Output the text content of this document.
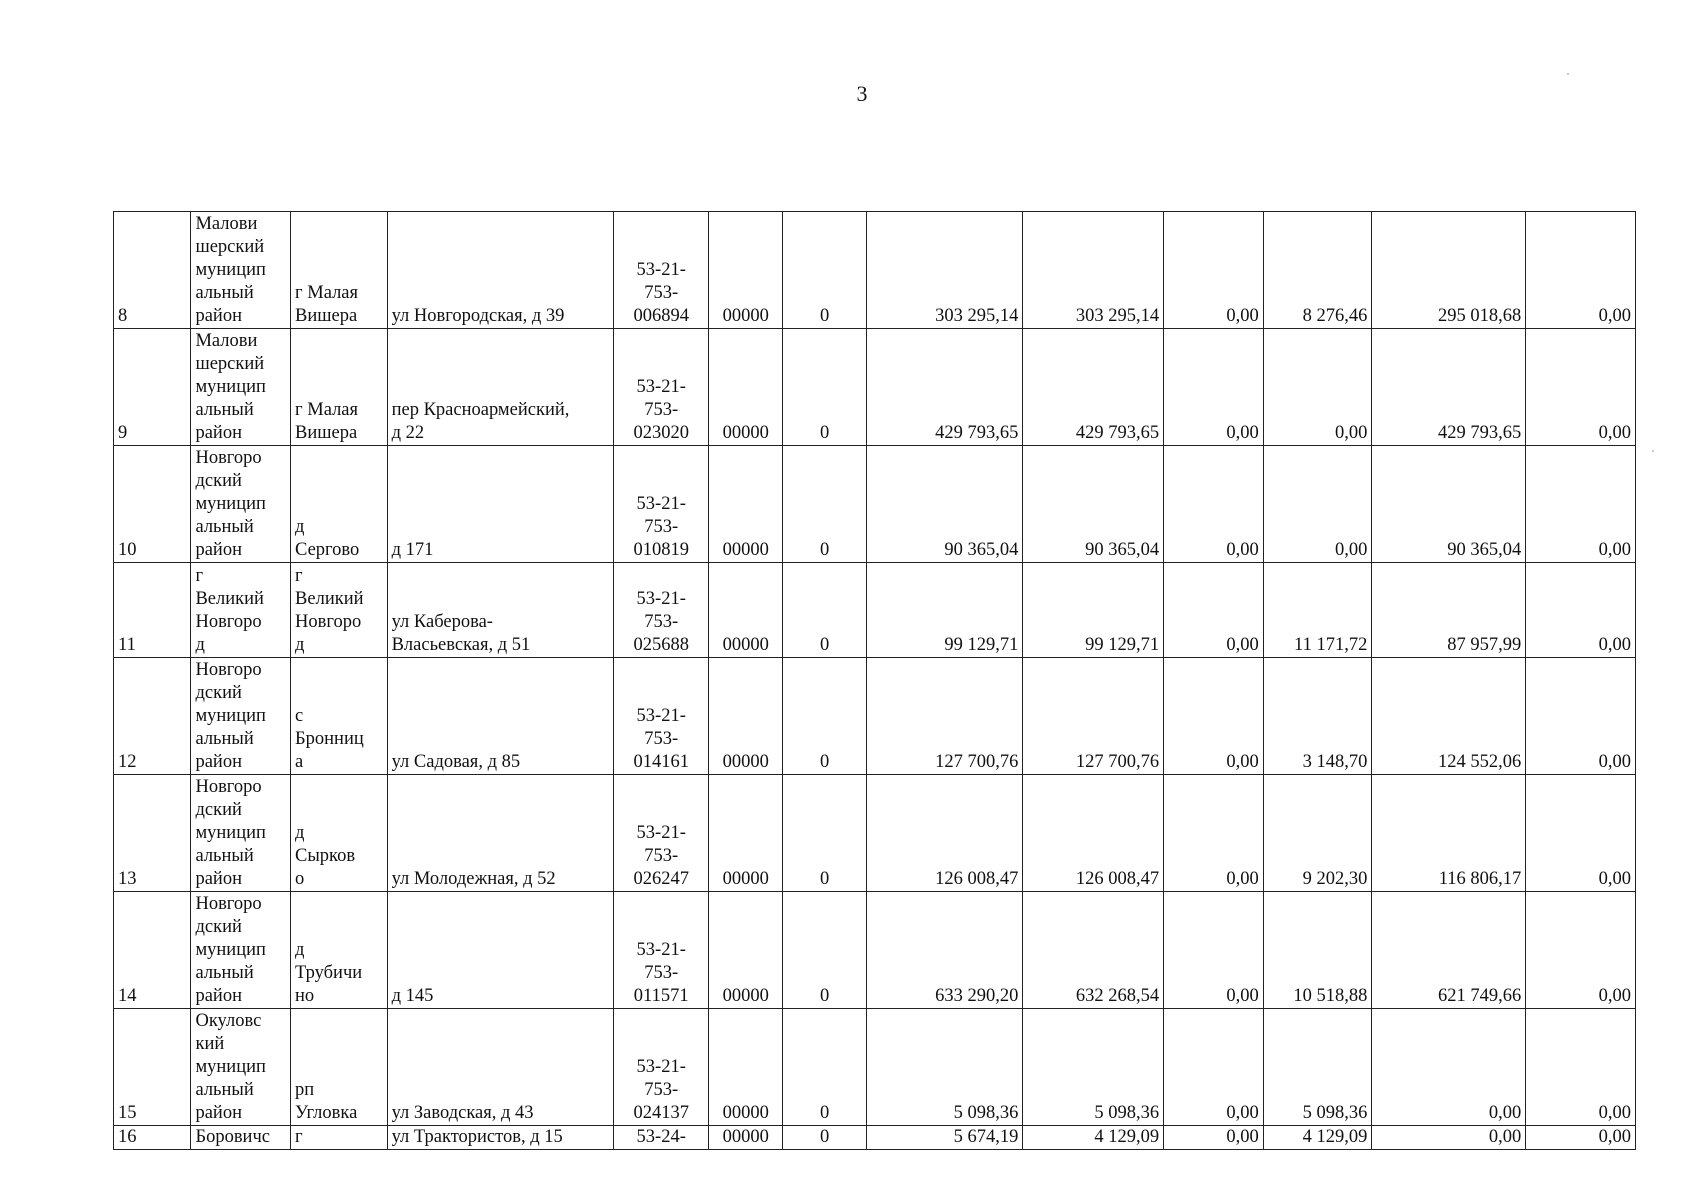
3
8	Малови
шерский
муницип
альный
район	г Малая
Вишера	ул Новгородская, д 39	53-21-
753-
006894	00000	0	303 295,14	303 295,14	0,00	8 276,46	295 018,68	0,00
9	Малови
шерский
муницип
альный
район	г Малая
Вишера	пер Красноармейский,
д 22	53-21-
753-
023020	00000	0	429 793,65	429 793,65	0,00	0,00	429 793,65	0,00
10	Новгоро
дский
муницип
альный
район	д
Сергово	д 171	53-21-
753-
010819	00000	0	90 365,04	90 365,04	0,00	0,00	90 365,04	0,00
11	г
Великий
Новгоро
д	г
Великий
Новгоро
д	ул Каберова-
Власьевская, д 51	53-21-
753-
025688	00000	0	99 129,71	99 129,71	0,00	11 171,72	87 957,99	0,00
12	Новгоро
дский
муницип
альный
район	с
Бронниц
а	ул Садовая, д 85	53-21-
753-
014161	00000	0	127 700,76	127 700,76	0,00	3 148,70	124 552,06	0,00
13	Новгоро
дский
муницип
альный
район	д
Сырков
о	ул Молодежная, д 52	53-21-
753-
026247	00000	0	126 008,47	126 008,47	0,00	9 202,30	116 806,17	0,00
14	Новгоро
дский
муницип
альный
район	д
Трубичи
но	д 145	53-21-
753-
011571	00000	0	633 290,20	632 268,54	0,00	10 518,88	621 749,66	0,00
15	Окуловс
кий
муницип
альный
район	рп
Угловка	ул Заводская, д 43	53-21-
753-
024137	00000	0	5 098,36	5 098,36	0,00	5 098,36	0,00	0,00
16	Боровичс	г	ул Трактористов, д 15	53-24-	00000	0	5 674,19	4 129,09	0,00	4 129,09	0,00	0,00
